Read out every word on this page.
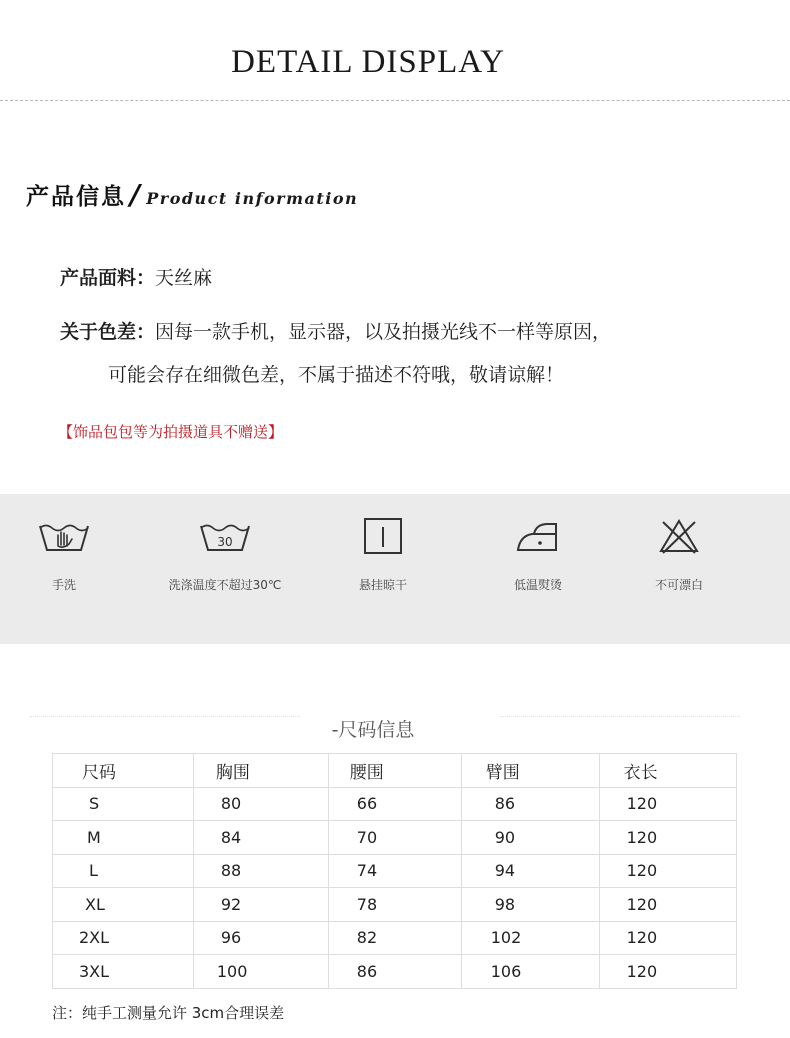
DETAIL DISPLAY
产品信息 / Product information
产品面料：天丝麻
关于色差：因每一款手机，显示器，以及拍摄光线不一样等原因，
可能会存在细微色差，不属于描述不符哦，敬请谅解！
【饰品包包等为拍摄道具不赠送】
手洗
30
洗涤温度不超过30℃	悬挂晾干	低温熨烫	不可漂白
-尺码信息
尺码	胸围	腰围	臂围	衣长
S	80	66	86	120
M	84	70	90	120
L	88	74	94	120
XL	92	78	98	120
2XL	96	82	102	120
3XL	100	86	106	120
注：纯手工测量允许 3cm合理误差
